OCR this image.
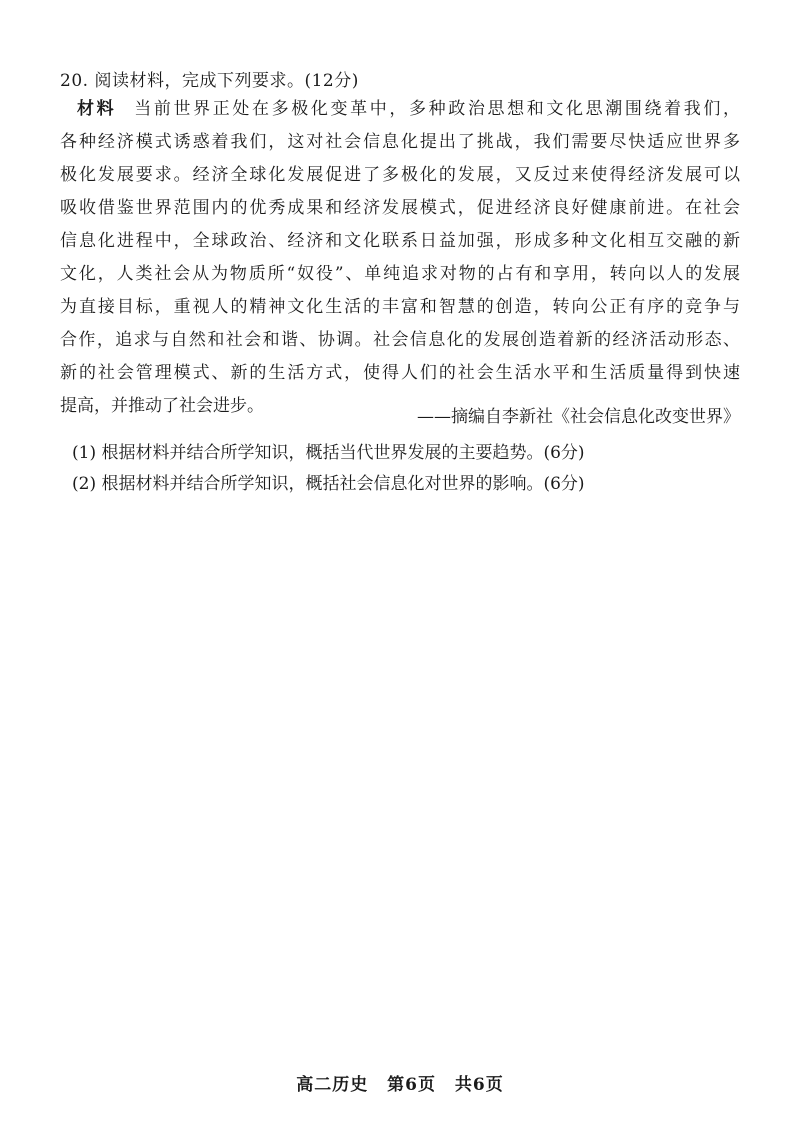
20. 阅读材料，完成下列要求。(12分)
材料 当前世界正处在多极化变革中，多种政治思想和文化思潮围绕着我们，
各种经济模式诱惑着我们，这对社会信息化提出了挑战，我们需要尽快适应世界多
极化发展要求。经济全球化发展促进了多极化的发展，又反过来使得经济发展可以
吸收借鉴世界范围内的优秀成果和经济发展模式，促进经济良好健康前进。在社会
信息化进程中，全球政治、经济和文化联系日益加强，形成多种文化相互交融的新
文化，人类社会从为物质所“奴役”、单纯追求对物的占有和享用，转向以人的发展
为直接目标，重视人的精神文化生活的丰富和智慧的创造，转向公正有序的竞争与
合作，追求与自然和社会和谐、协调。社会信息化的发展创造着新的经济活动形态、
新的社会管理模式、新的生活方式，使得人们的社会生活水平和生活质量得到快速
提高，并推动了社会进步。
——摘编自李新社《社会信息化改变世界》
(1) 根据材料并结合所学知识，概括当代世界发展的主要趋势。(6分)
(2) 根据材料并结合所学知识，概括社会信息化对世界的影响。(6分)
高二历史 第6页 共6页
